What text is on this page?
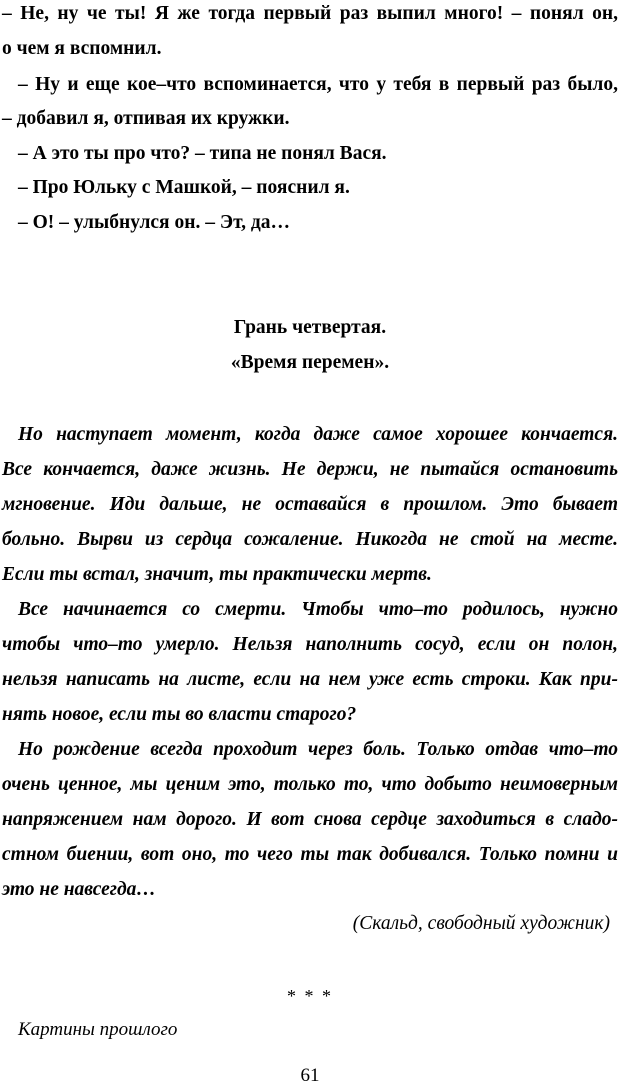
– Не, ну че ты! Я же тогда первый раз выпил много! – понял он,
о чем я вспомнил.
– Ну и еще кое–что вспоминается, что у тебя в первый раз было,
– добавил я, отпивая их кружки.
– А это ты про что? – типа не понял Вася.
– Про Юльку с Машкой, – пояснил я.
– О! – улыбнулся он. – Эт, да…
Грань четвертая.
«Время перемен».
Но наступает момент, когда даже самое хорошее кончается.
Все кончается, даже жизнь. Не держи, не пытайся остановить
мгновение. Иди дальше, не оставайся в прошлом. Это бывает
больно. Вырви из сердца сожаление. Никогда не стой на месте.
Если ты встал, значит, ты практически мертв.
Все начинается со смерти. Чтобы что–то родилось, нужно
чтобы что–то умерло. Нельзя наполнить сосуд, если он полон,
нельзя написать на листе, если на нем уже есть строки. Как при-
нять новое, если ты во власти старого?
Но рождение всегда проходит через боль. Только отдав что–то
очень ценное, мы ценим это, только то, что добыто неимоверным
напряжением нам дорого. И вот снова сердце заходиться в сладо-
стном биении, вот оно, то чего ты так добивался. Только помни и
это не навсегда…
(Скальд, свободный художник)
* * *
Картины прошлого
61
